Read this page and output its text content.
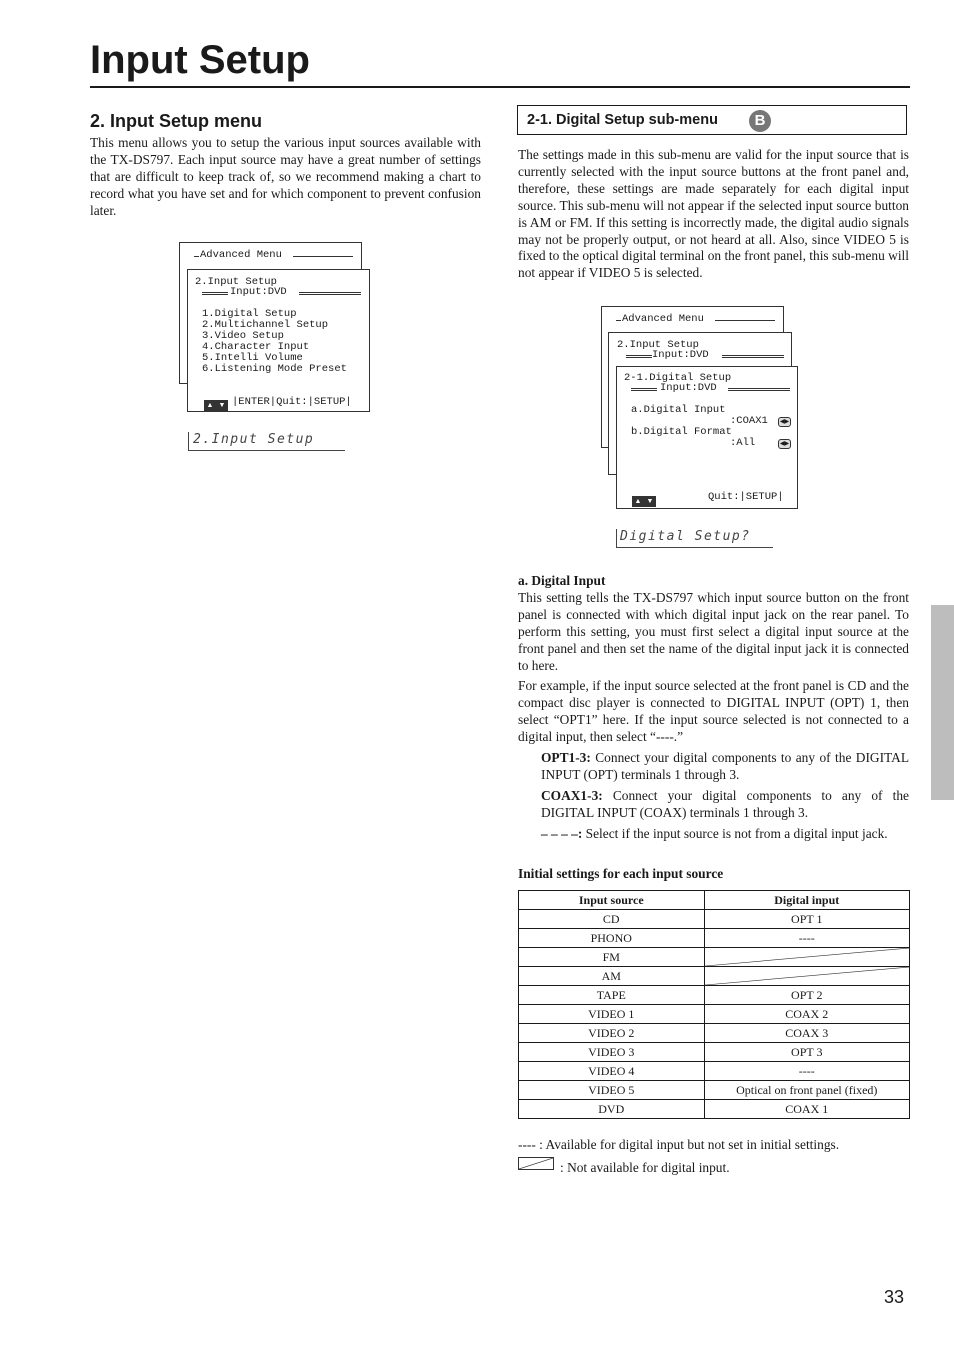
Input Setup
2. Input Setup menu

This menu allows you to setup the various input sources available with the TX-DS797. Each input source may have a great number of settings that are difficult to keep track of, so we recommend making a chart to record what you have set and for which component to prevent confusion later.

Advanced Menu
2.Input Setup
Input:DVD
1.Digital Setup
2.Multichannel Setup
3.Video Setup
4.Character Input
5.Intelli Volume
6.Listening Mode Preset
▲ ▼ |ENTER|Quit:|SETUP|
2.Input Setup
2-1. Digital Setup sub-menu	B

The settings made in this sub-menu are valid for the input source that is currently selected with the input source buttons at the front panel and, therefore, these settings are made separately for each digital input source. This sub-menu will not appear if the selected input source button is AM or FM. If this setting is incorrectly made, the digital audio signals may not be properly output, or not heard at all. Also, since VIDEO 5 is fixed to the optical digital terminal on the front panel, this sub-menu will not appear if VIDEO 5 is selected.

Advanced Menu
2.Input Setup
Input:DVD
2-1.Digital Setup
Input:DVD
a.Digital Input
:COAX1	◀▶
b.Digital Format
:All	◀▶
▲ ▼	Quit:|SETUP|
Digital Setup?

a. Digital Input

This setting tells the TX-DS797 which input source button on the front panel is connected with which digital input jack on the rear panel. To perform this setting, you must first select a digital input source at the front panel and then set the name of the digital input jack it is connected to here.

For example, if the input source selected at the front panel is CD and the compact disc player is connected to DIGITAL INPUT (OPT) 1, then select “OPT1” here. If the input source selected is not connected to a digital input, then select “----.”

OPT1-3: Connect your digital components to any of the DIGITAL INPUT (OPT) terminals 1 through 3.

COAX1-3: Connect your digital components to any of the DIGITAL INPUT (COAX) terminals 1 through 3.

– – – –: Select if the input source is not from a digital input jack.

Initial settings for each input source
Input source	Digital input
CD	OPT 1
PHONO	----
FM	

AM	

TAPE	OPT 2
VIDEO 1	COAX 2
VIDEO 2	COAX 3
VIDEO 3	OPT 3
VIDEO 4	----
VIDEO 5	Optical on front panel (fixed)
DVD	COAX 1
---- : Available for digital input but not set in initial settings.
: Not available for digital input.
33
